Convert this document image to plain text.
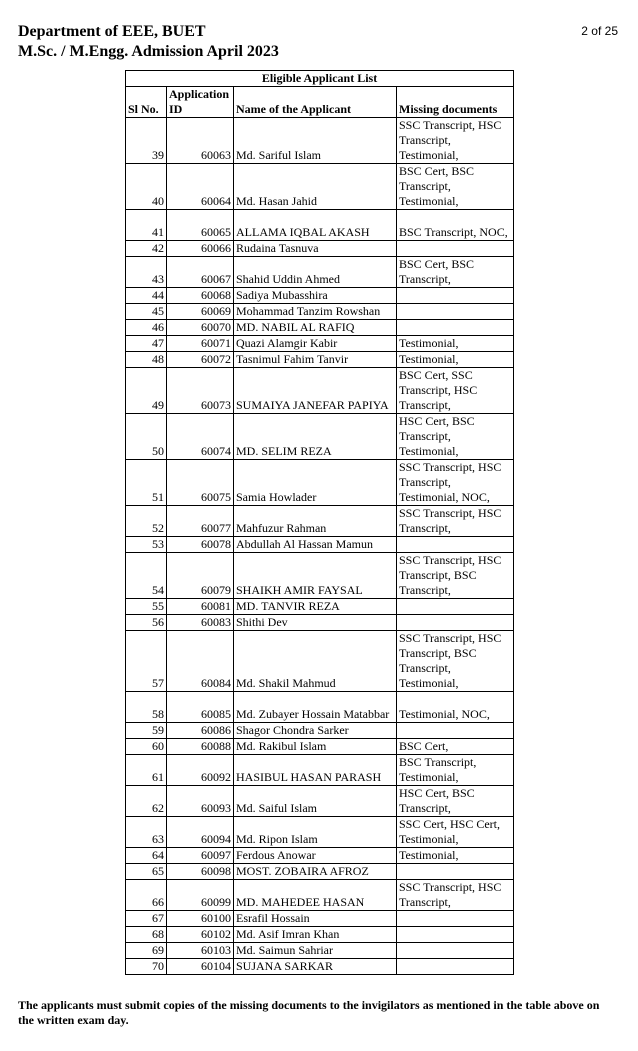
Department of EEE, BUET
M.Sc. / M.Engg. Admission April 2023
2 of 25
Eligible Applicant List			
Sl No.	Application
ID	Name of the Applicant	Missing documents
39	60063	Md. Sariful Islam	SSC Transcript, HSC
Transcript,
Testimonial,
40	60064	Md. Hasan Jahid	BSC Cert, BSC
Transcript,
Testimonial,
41	60065	ALLAMA IQBAL AKASH	BSC Transcript, NOC,
42	60066	Rudaina Tasnuva	
43	60067	Shahid Uddin Ahmed	BSC Cert, BSC
Transcript,
44	60068	Sadiya Mubasshira	
45	60069	Mohammad Tanzim Rowshan	
46	60070	MD. NABIL AL RAFIQ	
47	60071	Quazi Alamgir Kabir	Testimonial,
48	60072	Tasnimul Fahim Tanvir	Testimonial,
49	60073	SUMAIYA JANEFAR PAPIYA	BSC Cert, SSC
Transcript, HSC
Transcript,
50	60074	MD. SELIM REZA	HSC Cert, BSC
Transcript,
Testimonial,
51	60075	Samia Howlader	SSC Transcript, HSC
Transcript,
Testimonial, NOC,
52	60077	Mahfuzur Rahman	SSC Transcript, HSC
Transcript,
53	60078	Abdullah Al Hassan Mamun	
54	60079	SHAIKH AMIR FAYSAL	SSC Transcript, HSC
Transcript, BSC
Transcript,
55	60081	MD. TANVIR REZA	
56	60083	Shithi Dev	
57	60084	Md. Shakil Mahmud	SSC Transcript, HSC
Transcript, BSC
Transcript,
Testimonial,
58	60085	Md. Zubayer Hossain Matabbar	Testimonial, NOC,
59	60086	Shagor Chondra Sarker	
60	60088	Md. Rakibul Islam	BSC Cert,
61	60092	HASIBUL HASAN PARASH	BSC Transcript,
Testimonial,
62	60093	Md. Saiful Islam	HSC Cert, BSC
Transcript,
63	60094	Md. Ripon Islam	SSC Cert, HSC Cert,
Testimonial,
64	60097	Ferdous Anowar	Testimonial,
65	60098	MOST. ZOBAIRA AFROZ	
66	60099	MD. MAHEDEE HASAN	SSC Transcript, HSC
Transcript,
67	60100	Esrafil Hossain	
68	60102	Md. Asif Imran Khan	
69	60103	Md. Saimun Sahriar	
70	60104	SUJANA SARKAR	
The applicants must submit copies of the missing documents to the invigilators as mentioned in the table above on the written exam day.
